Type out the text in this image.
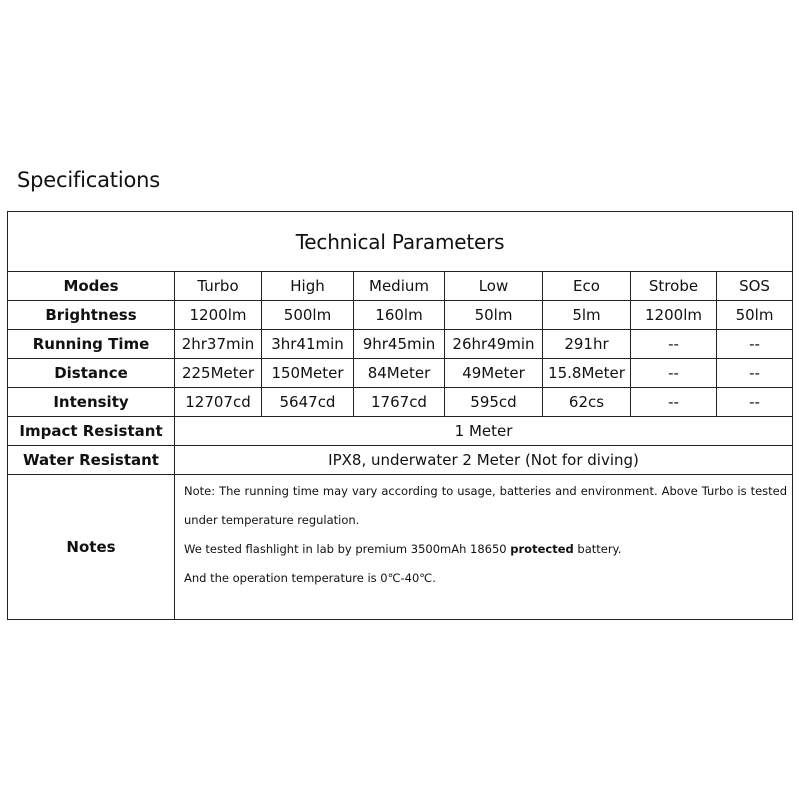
Specifications
Technical Parameters							
Modes	Turbo	High	Medium	Low	Eco	Strobe	SOS
Brightness	1200lm	500lm	160lm	50lm	5lm	1200lm	50lm
Running Time	2hr37min	3hr41min	9hr45min	26hr49min	291hr	--	--
Distance	225Meter	150Meter	84Meter	49Meter	15.8Meter	--	--
Intensity	12707cd	5647cd	1767cd	595cd	62cs	--	--
Impact Resistant	1 Meter						
Water Resistant	IPX8, underwater 2 Meter (Not for diving)						
Notes	Note: The running time may vary according to usage, batteries and environment. Above Turbo is tested under temperature regulation.

We tested flashlight in lab by premium 3500mAh 18650 protected battery.

And the operation temperature is 0℃-40℃.						
